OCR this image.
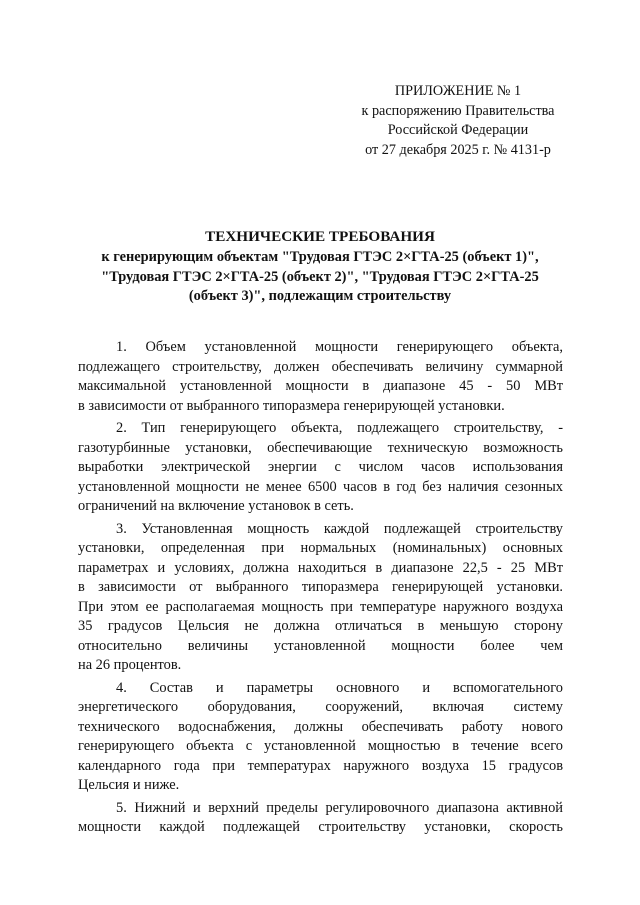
ПРИЛОЖЕНИЕ № 1
к распоряжению Правительства
Российской Федерации
от 27 декабря 2025 г. № 4131-р
ТЕХНИЧЕСКИЕ ТРЕБОВАНИЯ
к генерирующим объектам "Трудовая ГТЭС 2×ГТА-25 (объект 1)",
"Трудовая ГТЭС 2×ГТА-25 (объект 2)", "Трудовая ГТЭС 2×ГТА-25
(объект 3)", подлежащим строительству
1. Объем установленной мощности генерирующего объекта,
подлежащего строительству, должен обеспечивать величину суммарной
максимальной установленной мощности в диапазоне 45 - 50 МВт
в зависимости от выбранного типоразмера генерирующей установки.
2. Тип генерирующего объекта, подлежащего строительству, -
газотурбинные установки, обеспечивающие техническую возможность
выработки электрической энергии с числом часов использования
установленной мощности не менее 6500 часов в год без наличия сезонных
ограничений на включение установок в сеть.
3. Установленная мощность каждой подлежащей строительству
установки, определенная при нормальных (номинальных) основных
параметрах и условиях, должна находиться в диапазоне 22,5 - 25 МВт
в зависимости от выбранного типоразмера генерирующей установки.
При этом ее располагаемая мощность при температуре наружного воздуха
35 градусов Цельсия не должна отличаться в меньшую сторону
относительно величины установленной мощности более чем
на 26 процентов.
4. Состав и параметры основного и вспомогательного
энергетического оборудования, сооружений, включая систему
технического водоснабжения, должны обеспечивать работу нового
генерирующего объекта с установленной мощностью в течение всего
календарного года при температурах наружного воздуха 15 градусов
Цельсия и ниже.
5. Нижний и верхний пределы регулировочного диапазона активной
мощности каждой подлежащей строительству установки, скорость
